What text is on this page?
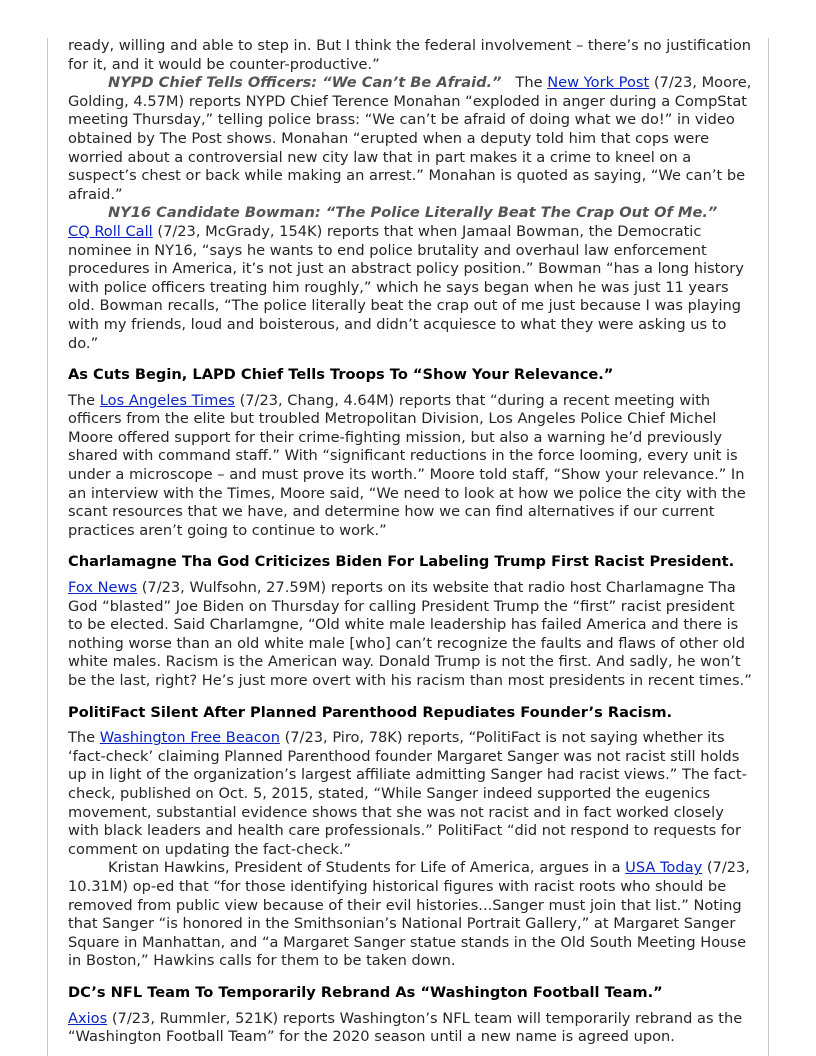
ready, willing and able to step in. But I think the federal involvement – there’s no justification for it, and it would be counter-productive.”

NYPD Chief Tells Officers: “We Can’t Be Afraid.” The New York Post (7/23, Moore, Golding, 4.57M) reports NYPD Chief Terence Monahan “exploded in anger during a CompStat meeting Thursday,” telling police brass: “We can’t be afraid of doing what we do!” in video obtained by The Post shows. Monahan “erupted when a deputy told him that cops were worried about a controversial new city law that in part makes it a crime to kneel on a suspect’s chest or back while making an arrest.” Monahan is quoted as saying, “We can’t be afraid.”

NY16 Candidate Bowman: “The Police Literally Beat The Crap Out Of Me.”   CQ Roll Call (7/23, McGrady, 154K) reports that when Jamaal Bowman, the Democratic nominee in NY16, “says he wants to end police brutality and overhaul law enforcement procedures in America, it’s not just an abstract policy position.” Bowman “has a long history with police officers treating him roughly,” which he says began when he was just 11 years old. Bowman recalls, “The police literally beat the crap out of me just because I was playing with my friends, loud and boisterous, and didn’t acquiesce to what they were asking us to do.”

As Cuts Begin, LAPD Chief Tells Troops To “Show Your Relevance.”

The Los Angeles Times (7/23, Chang, 4.64M) reports that “during a recent meeting with officers from the elite but troubled Metropolitan Division, Los Angeles Police Chief Michel Moore offered support for their crime-fighting mission, but also a warning he’d previously shared with command staff.” With “significant reductions in the force looming, every unit is under a microscope – and must prove its worth.” Moore told staff, “Show your relevance.” In an interview with the Times, Moore said, “We need to look at how we police the city with the scant resources that we have, and determine how we can find alternatives if our current practices aren’t going to continue to work.”

Charlamagne Tha God Criticizes Biden For Labeling Trump First Racist President.

Fox News (7/23, Wulfsohn, 27.59M) reports on its website that radio host Charlamagne Tha God “blasted” Joe Biden on Thursday for calling President Trump the “first” racist president to be elected. Said Charlamgne, “Old white male leadership has failed America and there is nothing worse than an old white male [who] can’t recognize the faults and flaws of other old white males. Racism is the American way. Donald Trump is not the first. And sadly, he won’t be the last, right? He’s just more overt with his racism than most presidents in recent times.”

PolitiFact Silent After Planned Parenthood Repudiates Founder’s Racism.

The Washington Free Beacon (7/23, Piro, 78K) reports, “PolitiFact is not saying whether its ‘fact-check’ claiming Planned Parenthood founder Margaret Sanger was not racist still holds up in light of the organization’s largest affiliate admitting Sanger had racist views.” The fact-check, published on Oct. 5, 2015, stated, “While Sanger indeed supported the eugenics movement, substantial evidence shows that she was not racist and in fact worked closely with black leaders and health care professionals.” PolitiFact “did not respond to requests for comment on updating the fact-check.”

Kristan Hawkins, President of Students for Life of America, argues in a USA Today (7/23, 10.31M) op-ed that “for those identifying historical figures with racist roots who should be removed from public view because of their evil histories...Sanger must join that list.” Noting that Sanger “is honored in the Smithsonian’s National Portrait Gallery,” at Margaret Sanger Square in Manhattan, and “a Margaret Sanger statue stands in the Old South Meeting House in Boston,” Hawkins calls for them to be taken down.

DC’s NFL Team To Temporarily Rebrand As “Washington Football Team.”

Axios (7/23, Rummler, 521K) reports Washington’s NFL team will temporarily rebrand as the “Washington Football Team” for the 2020 season until a new name is agreed upon.
